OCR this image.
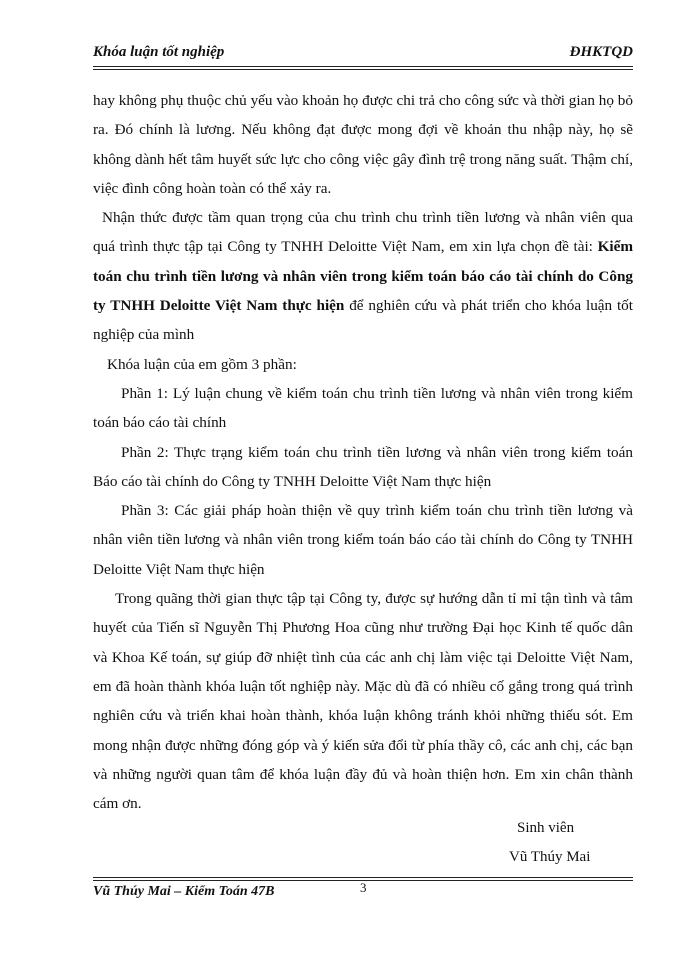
Khóa luận tốt nghiệp	ĐHKTQD

hay không phụ thuộc chủ yếu vào khoản họ được chi trả cho công sức và thời gian họ bỏ ra. Đó chính là lương. Nếu không đạt được mong đợi về khoản thu nhập này, họ sẽ không dành hết tâm huyết sức lực cho công việc gây đình trệ trong năng suất. Thậm chí, việc đình công hoàn toàn có thể xảy ra.

Nhận thức được tầm quan trọng của chu trình chu trình tiền lương và nhân viên qua quá trình thực tập tại Công ty TNHH Deloitte Việt Nam, em xin lựa chọn đề tài: Kiểm toán chu trình tiền lương và nhân viên trong kiểm toán báo cáo tài chính do Công ty TNHH Deloitte Việt Nam thực hiện để nghiên cứu và phát triển cho khóa luận tốt nghiệp của mình

Khóa luận của em gồm 3 phần:

Phần 1: Lý luận chung về kiểm toán chu trình tiền lương và nhân viên trong kiểm toán báo cáo tài chính

Phần 2: Thực trạng kiểm toán chu trình tiền lương và nhân viên trong kiểm toán Báo cáo tài chính do Công ty TNHH Deloitte Việt Nam thực hiện

Phần 3: Các giải pháp hoàn thiện về quy trình kiểm toán chu trình tiền lương và nhân viên tiền lương và nhân viên trong kiểm toán báo cáo tài chính do Công ty TNHH Deloitte Việt Nam thực hiện

Trong quãng thời gian thực tập tại Công ty, được sự hướng dẫn tỉ mỉ tận tình và tâm huyết của Tiến sĩ Nguyễn Thị Phương Hoa cũng như trường Đại học Kinh tế quốc dân và Khoa Kế toán, sự giúp đỡ nhiệt tình của các anh chị làm việc tại Deloitte Việt Nam, em đã hoàn thành khóa luận tốt nghiệp này. Mặc dù đã có nhiều cố gắng trong quá trình nghiên cứu và triển khai hoàn thành, khóa luận không tránh khỏi những thiếu sót. Em mong nhận được những đóng góp và ý kiến sửa đổi từ phía thầy cô, các anh chị, các bạn và những người quan tâm để khóa luận đầy đủ và hoàn thiện hơn. Em xin chân thành cám ơn.

Sinh viên
Vũ Thúy Mai
Vũ Thúy Mai – Kiểm Toán 47B	3
